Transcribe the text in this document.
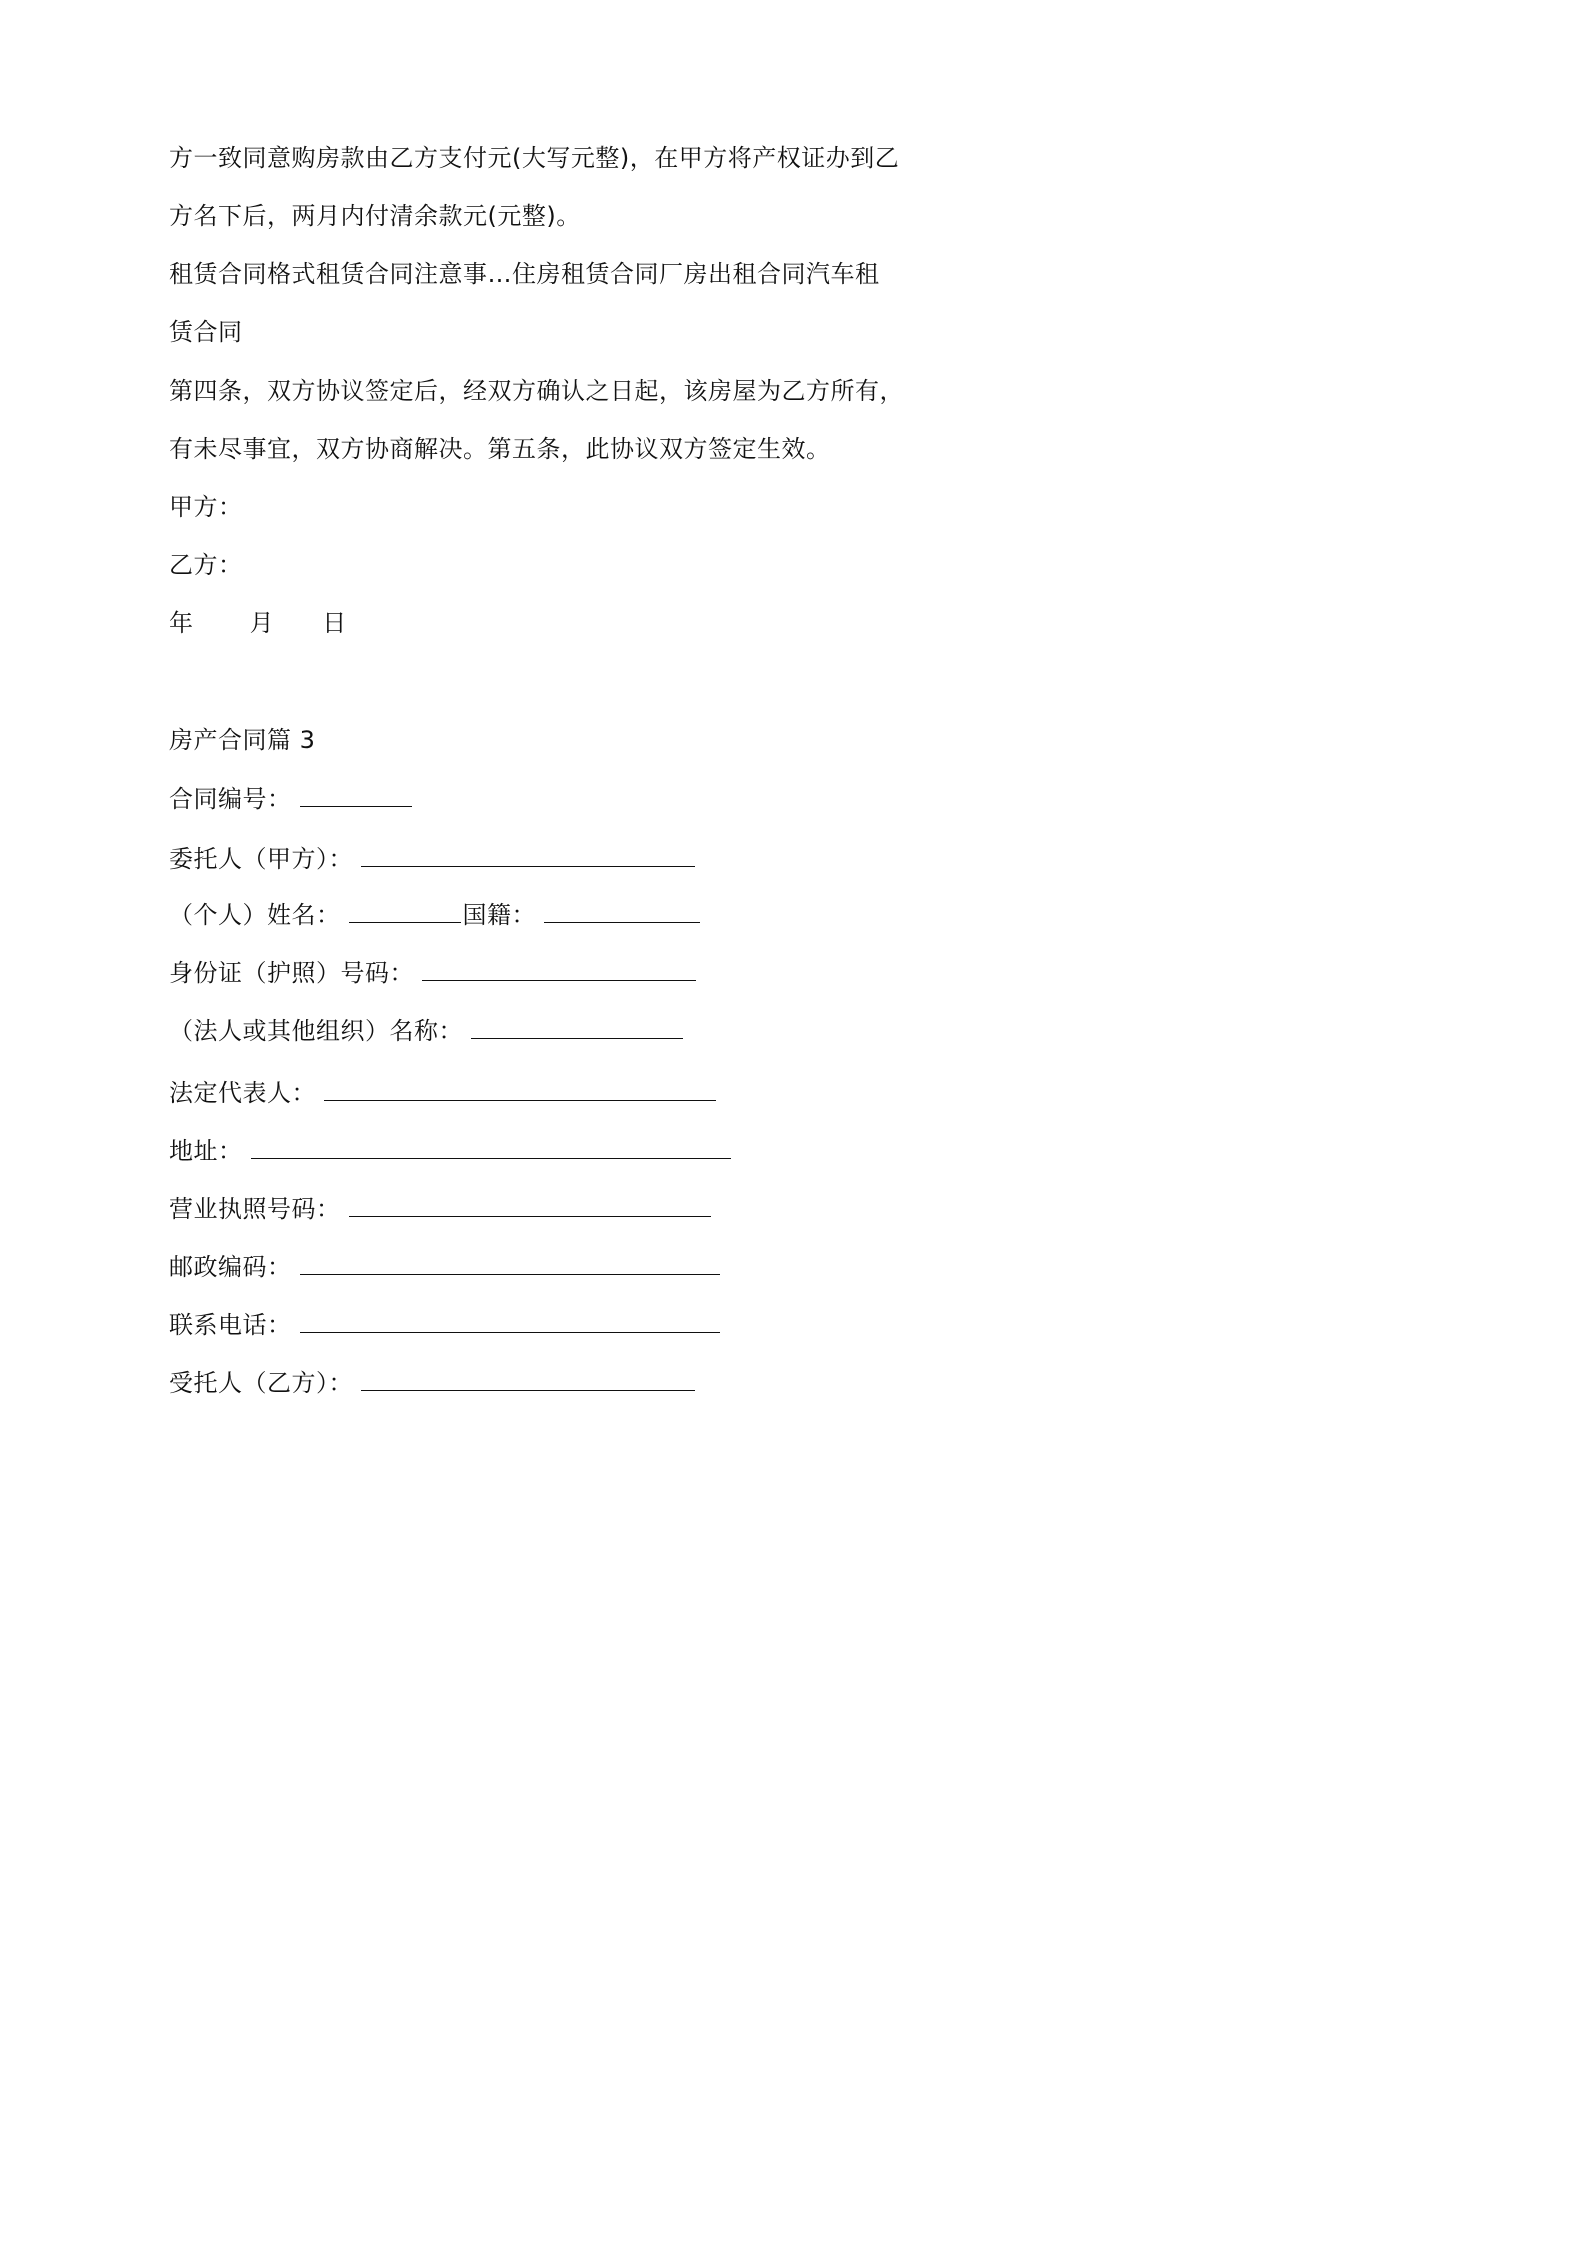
方一致同意购房款由乙方支付元(大写元整)，在甲方将产权证办到乙
方名下后，两月内付清余款元(元整)。
租赁合同格式租赁合同注意事…住房租赁合同厂房出租合同汽车租
赁合同
第四条，双方协议签定后，经双方确认之日起，该房屋为乙方所有，
有未尽事宜，双方协商解决。第五条，此协议双方签定生效。
甲方：
乙方：
年 月 日
房产合同篇 3
合同编号：
委托人（甲方）：
（个人）姓名：	国籍：
身份证（护照）号码：
（法人或其他组织）名称：
法定代表人：
地址：
营业执照号码：
邮政编码：
联系电话：
受托人（乙方）：
